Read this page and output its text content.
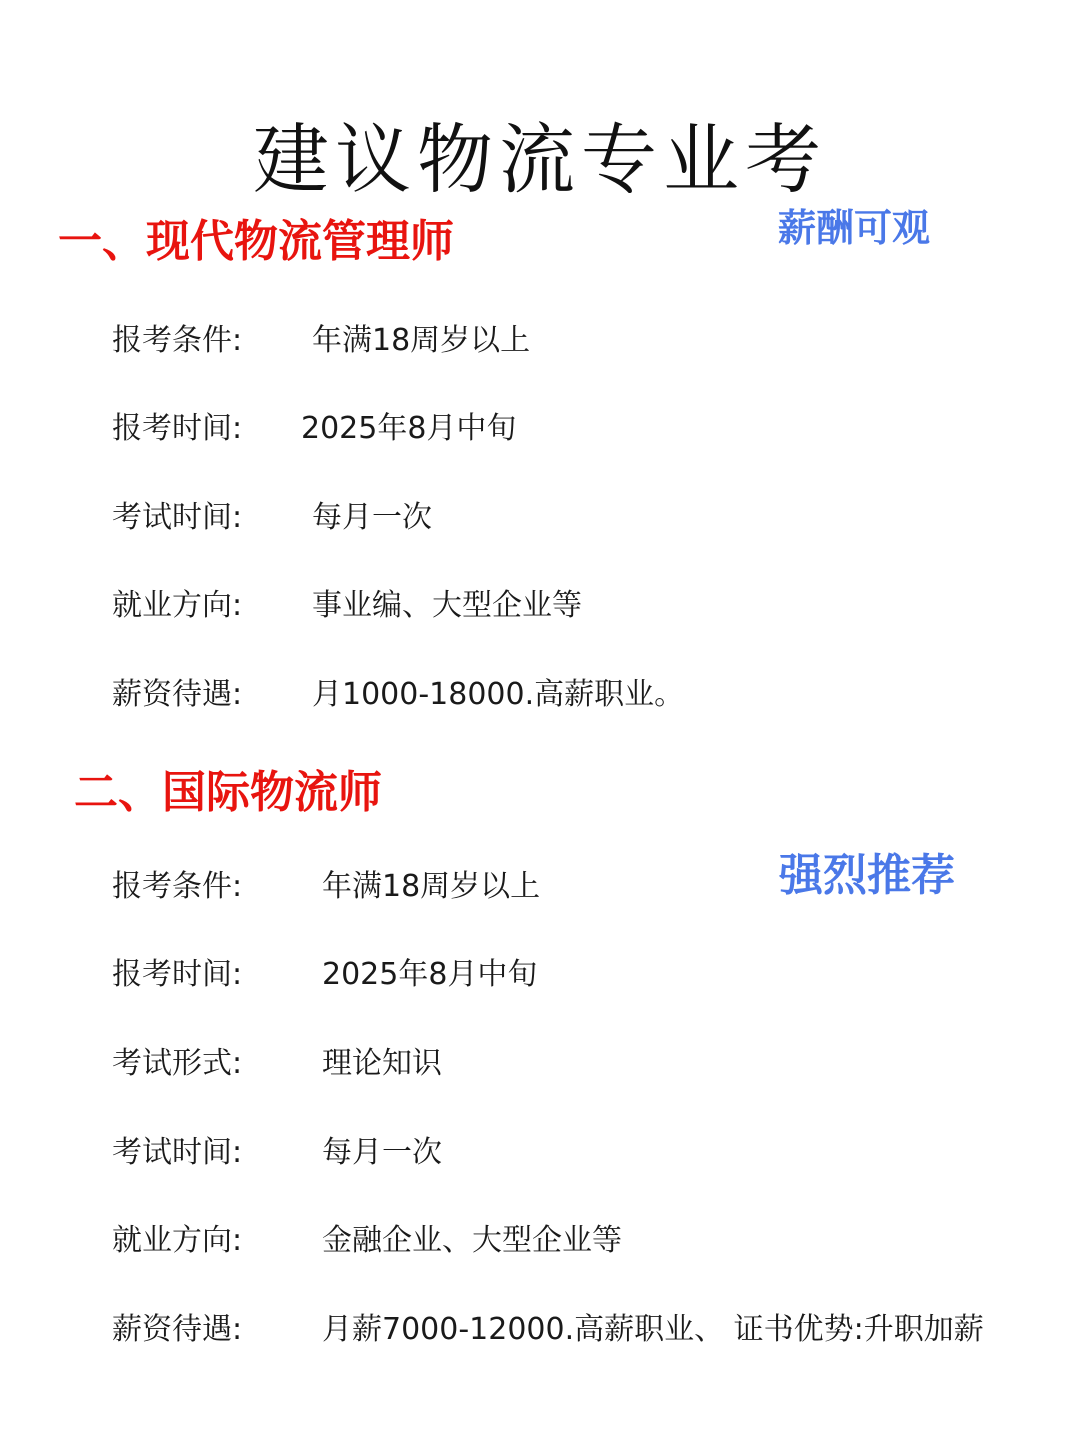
建议物流专业考
一、现代物流管理师	薪酬可观
报考条件: 年满18周岁以上
报考时间: 2025年8月中旬
考试时间: 每月一次
就业方向: 事业编、大型企业等
薪资待遇: 月1000-18000.高薪职业。
二、国际物流师
强烈推荐
报考条件:	年满18周岁以上
报考时间:	2025年8月中旬
考试形式:	理论知识
考试时间:	每月一次
就业方向:	金融企业、大型企业等
薪资待遇:	月薪7000-12000.高薪职业、 证书优势:升职加薪
